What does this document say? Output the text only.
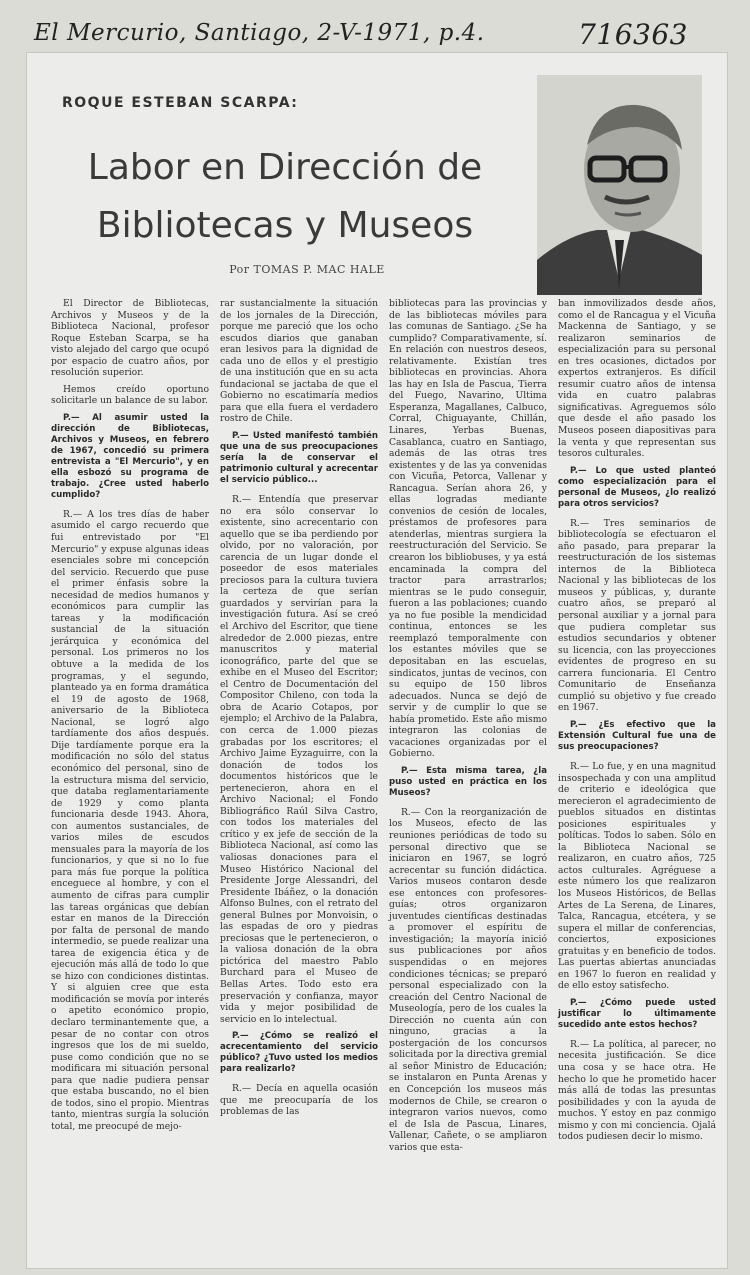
El Mercurio, Santiago, 2-V-1971, p.4.	716363
ROQUE ESTEBAN SCARPA:
Labor en Dirección de
Bibliotecas y Museos
Por TOMAS P. MAC HALE

El Director de Bibliotecas, Archivos y Museos y de la Biblioteca Nacional, profesor Roque Esteban Scarpa, se ha visto alejado del cargo que ocupó por espacio de cuatro años, por resolución superior.

Hemos creído oportuno solicitarle un balance de su labor.

P.— Al asumir usted la dirección de Bibliotecas, Archivos y Museos, en febrero de 1967, concedió su primera entrevista a "El Mercurio", y en ella esbozó su programa de trabajo. ¿Cree usted haberlo cumplido?

R.— A los tres días de haber asumido el cargo recuerdo que fui entrevistado por "El Mercurio" y expuse algunas ideas esenciales sobre mi concepción del servicio. Recuerdo que puse el primer énfasis sobre la necesidad de medios humanos y económicos para cumplir las tareas y la modificación sustancial de la situación jerárquica y económica del personal. Los primeros no los obtuve a la medida de los programas, y el segundo, planteado ya en forma dramática el 19 de agosto de 1968, aniversario de la Biblioteca Nacional, se logró algo tardíamente dos años después. Dije tardíamente porque era la modificación no sólo del status económico del personal, sino de la estructura misma del servicio, que databa reglamentariamente de 1929 y como planta funcionaria desde 1943. Ahora, con aumentos sustanciales, de varios miles de escudos mensuales para la mayoría de los funcionarios, y que si no lo fue para más fue porque la política enceguece al hombre, y con el aumento de cifras para cumplir las tareas orgánicas que debían estar en manos de la Dirección por falta de personal de mando intermedio, se puede realizar una tarea de exigencia ética y de ejecución más allá de todo lo que se hizo con condiciones distintas. Y si alguien cree que esta modificación se movía por interés o apetito económico propio, declaro terminantemente que, a pesar de no contar con otros ingresos que los de mi sueldo, puse como condición que no se modificara mi situación personal para que nadie pudiera pensar que estaba buscando, no el bien de todos, sino el propio. Mientras tanto, mientras surgía la solución total, me preocupé de mejo-

rar sustancialmente la situación de los jornales de la Dirección, porque me pareció que los ocho escudos diarios que ganaban eran lesivos para la dignidad de cada uno de ellos y el prestigio de una institución que en su acta fundacional se jactaba de que el Gobierno no escatimaría medios para que ella fuera el verdadero rostro de Chile.

P.— Usted manifestó también que una de sus preocupaciones sería la de conservar el patrimonio cultural y acrecentar el servicio público...

R.— Entendía que preservar no era sólo conservar lo existente, sino acrecentario con aquello que se iba perdiendo por olvido, por no valoración, por carencia de un lugar donde el poseedor de esos materiales preciosos para la cultura tuviera la certeza de que serían guardados y servirían para la investigación futura. Así se creó el Archivo del Escritor, que tiene alrededor de 2.000 piezas, entre manuscritos y material iconográfico, parte del que se exhibe en el Museo del Escritor; el Centro de Documentación del Compositor Chileno, con toda la obra de Acario Cotapos, por ejemplo; el Archivo de la Palabra, con cerca de 1.000 piezas grabadas por los escritores; el Archivo Jaime Eyzaguirre, con la donación de todos los documentos históricos que le pertenecieron, ahora en el Archivo Nacional; el Fondo Bibliográfico Raúl Silva Castro, con todos los materiales del crítico y ex jefe de sección de la Biblioteca Nacional, así como las valiosas donaciones para el Museo Histórico Nacional del Presidente Jorge Alessandri, del Presidente Ibáñez, o la donación Alfonso Bulnes, con el retrato del general Bulnes por Monvoisin, o las espadas de oro y piedras preciosas que le pertenecieron, o la valiosa donación de la obra pictórica del maestro Pablo Burchard para el Museo de Bellas Artes. Todo esto era preservación y confianza, mayor vida y mejor posibilidad de servicio en lo intelectual.

P.— ¿Cómo se realizó el acrecentamiento del servicio público? ¿Tuvo usted los medios para realizarlo?

R.— Decía en aquella ocasión que me preocuparía de los problemas de las

bibliotecas para las provincias y de las bibliotecas móviles para las comunas de Santiago. ¿Se ha cumplido? Comparativamente, sí. En relación con nuestros deseos, relativamente. Existían tres bibliotecas en provincias. Ahora las hay en Isla de Pascua, Tierra del Fuego, Navarino, Ultima Esperanza, Magallanes, Calbuco, Corral, Chiguayante, Chillán, Linares, Yerbas Buenas, Casablanca, cuatro en Santiago, además de las otras tres existentes y de las ya convenidas con Vicuña, Petorca, Vallenar y Rancagua. Serían ahora 26, y ellas logradas mediante convenios de cesión de locales, préstamos de profesores para atenderlas, mientras surgiera la reestructuración del Servicio. Se crearon los bibliobuses, y ya está encaminada la compra del tractor para arrastrarlos; mientras se le pudo conseguir, fueron a las poblaciones; cuando ya no fue posible la mendicidad continua, entonces se les reemplazó temporalmente con los estantes móviles que se depositaban en las escuelas, sindicatos, juntas de vecinos, con su equipo de 150 libros adecuados. Nunca se dejó de servir y de cumplir lo que se había prometido. Este año mismo integraron las colonias de vacaciones organizadas por el Gobierno.

P.— Esta misma tarea, ¿la puso usted en práctica en los Museos?

R.— Con la reorganización de los Museos, efecto de las reuniones periódicas de todo su personal directivo que se iniciaron en 1967, se logró acrecentar su función didáctica. Varios museos contaron desde ese entonces con profesores-guías; otros organizaron juventudes científicas destinadas a promover el espíritu de investigación; la mayoría inició sus publicaciones por años suspendidas o en mejores condiciones técnicas; se preparó personal especializado con la creación del Centro Nacional de Museología, pero de los cuales la Dirección no cuenta aún con ninguno, gracias a la postergación de los concursos solicitada por la directiva gremial al señor Ministro de Educación; se instalaron en Punta Arenas y en Concepción los museos más modernos de Chile, se crearon o integraron varios nuevos, como el de Isla de Pascua, Linares, Vallenar, Cañete, o se ampliaron varios que esta-

ban inmovilizados desde años, como el de Rancagua y el Vicuña Mackenna de Santiago, y se realizaron seminarios de especialización para su personal en tres ocasiones, dictados por expertos extranjeros. Es difícil resumir cuatro años de intensa vida en cuatro palabras significativas. Agreguemos sólo que desde el año pasado los Museos poseen diapositivas para la venta y que representan sus tesoros culturales.

P.— Lo que usted planteó como especialización para el personal de Museos, ¿lo realizó para otros servicios?

R.— Tres seminarios de bibliotecología se efectuaron el año pasado, para preparar la reestructuración de los sistemas internos de la Biblioteca Nacional y las bibliotecas de los museos y públicas, y, durante cuatro años, se preparó al personal auxiliar y a jornal para que pudiera completar sus estudios secundarios y obtener su licencia, con las proyecciones evidentes de progreso en su carrera funcionaria. El Centro Comunitario de Enseñanza cumplió su objetivo y fue creado en 1967.

P.— ¿Es efectivo que la Extensión Cultural fue una de sus preocupaciones?

R.— Lo fue, y en una magnitud insospechada y con una amplitud de criterio e ideológica que merecieron el agradecimiento de pueblos situados en distintas posiciones espirituales y políticas. Todos lo saben. Sólo en la Biblioteca Nacional se realizaron, en cuatro años, 725 actos culturales. Agréguese a este número los que realizaron los Museos Históricos, de Bellas Artes de La Serena, de Linares, Talca, Rancagua, etcétera, y se supera el millar de conferencias, conciertos, exposiciones gratuitas y en beneficio de todos. Las puertas abiertas anunciadas en 1967 lo fueron en realidad y de ello estoy satisfecho.

P.— ¿Cómo puede usted justificar lo últimamente sucedido ante estos hechos?

R.— La política, al parecer, no necesita justificación. Se dice una cosa y se hace otra. He hecho lo que he prometido hacer más allá de todas las presuntas posibilidades y con la ayuda de muchos. Y estoy en paz conmigo mismo y con mi conciencia. Ojalá todos pudiesen decir lo mismo.
